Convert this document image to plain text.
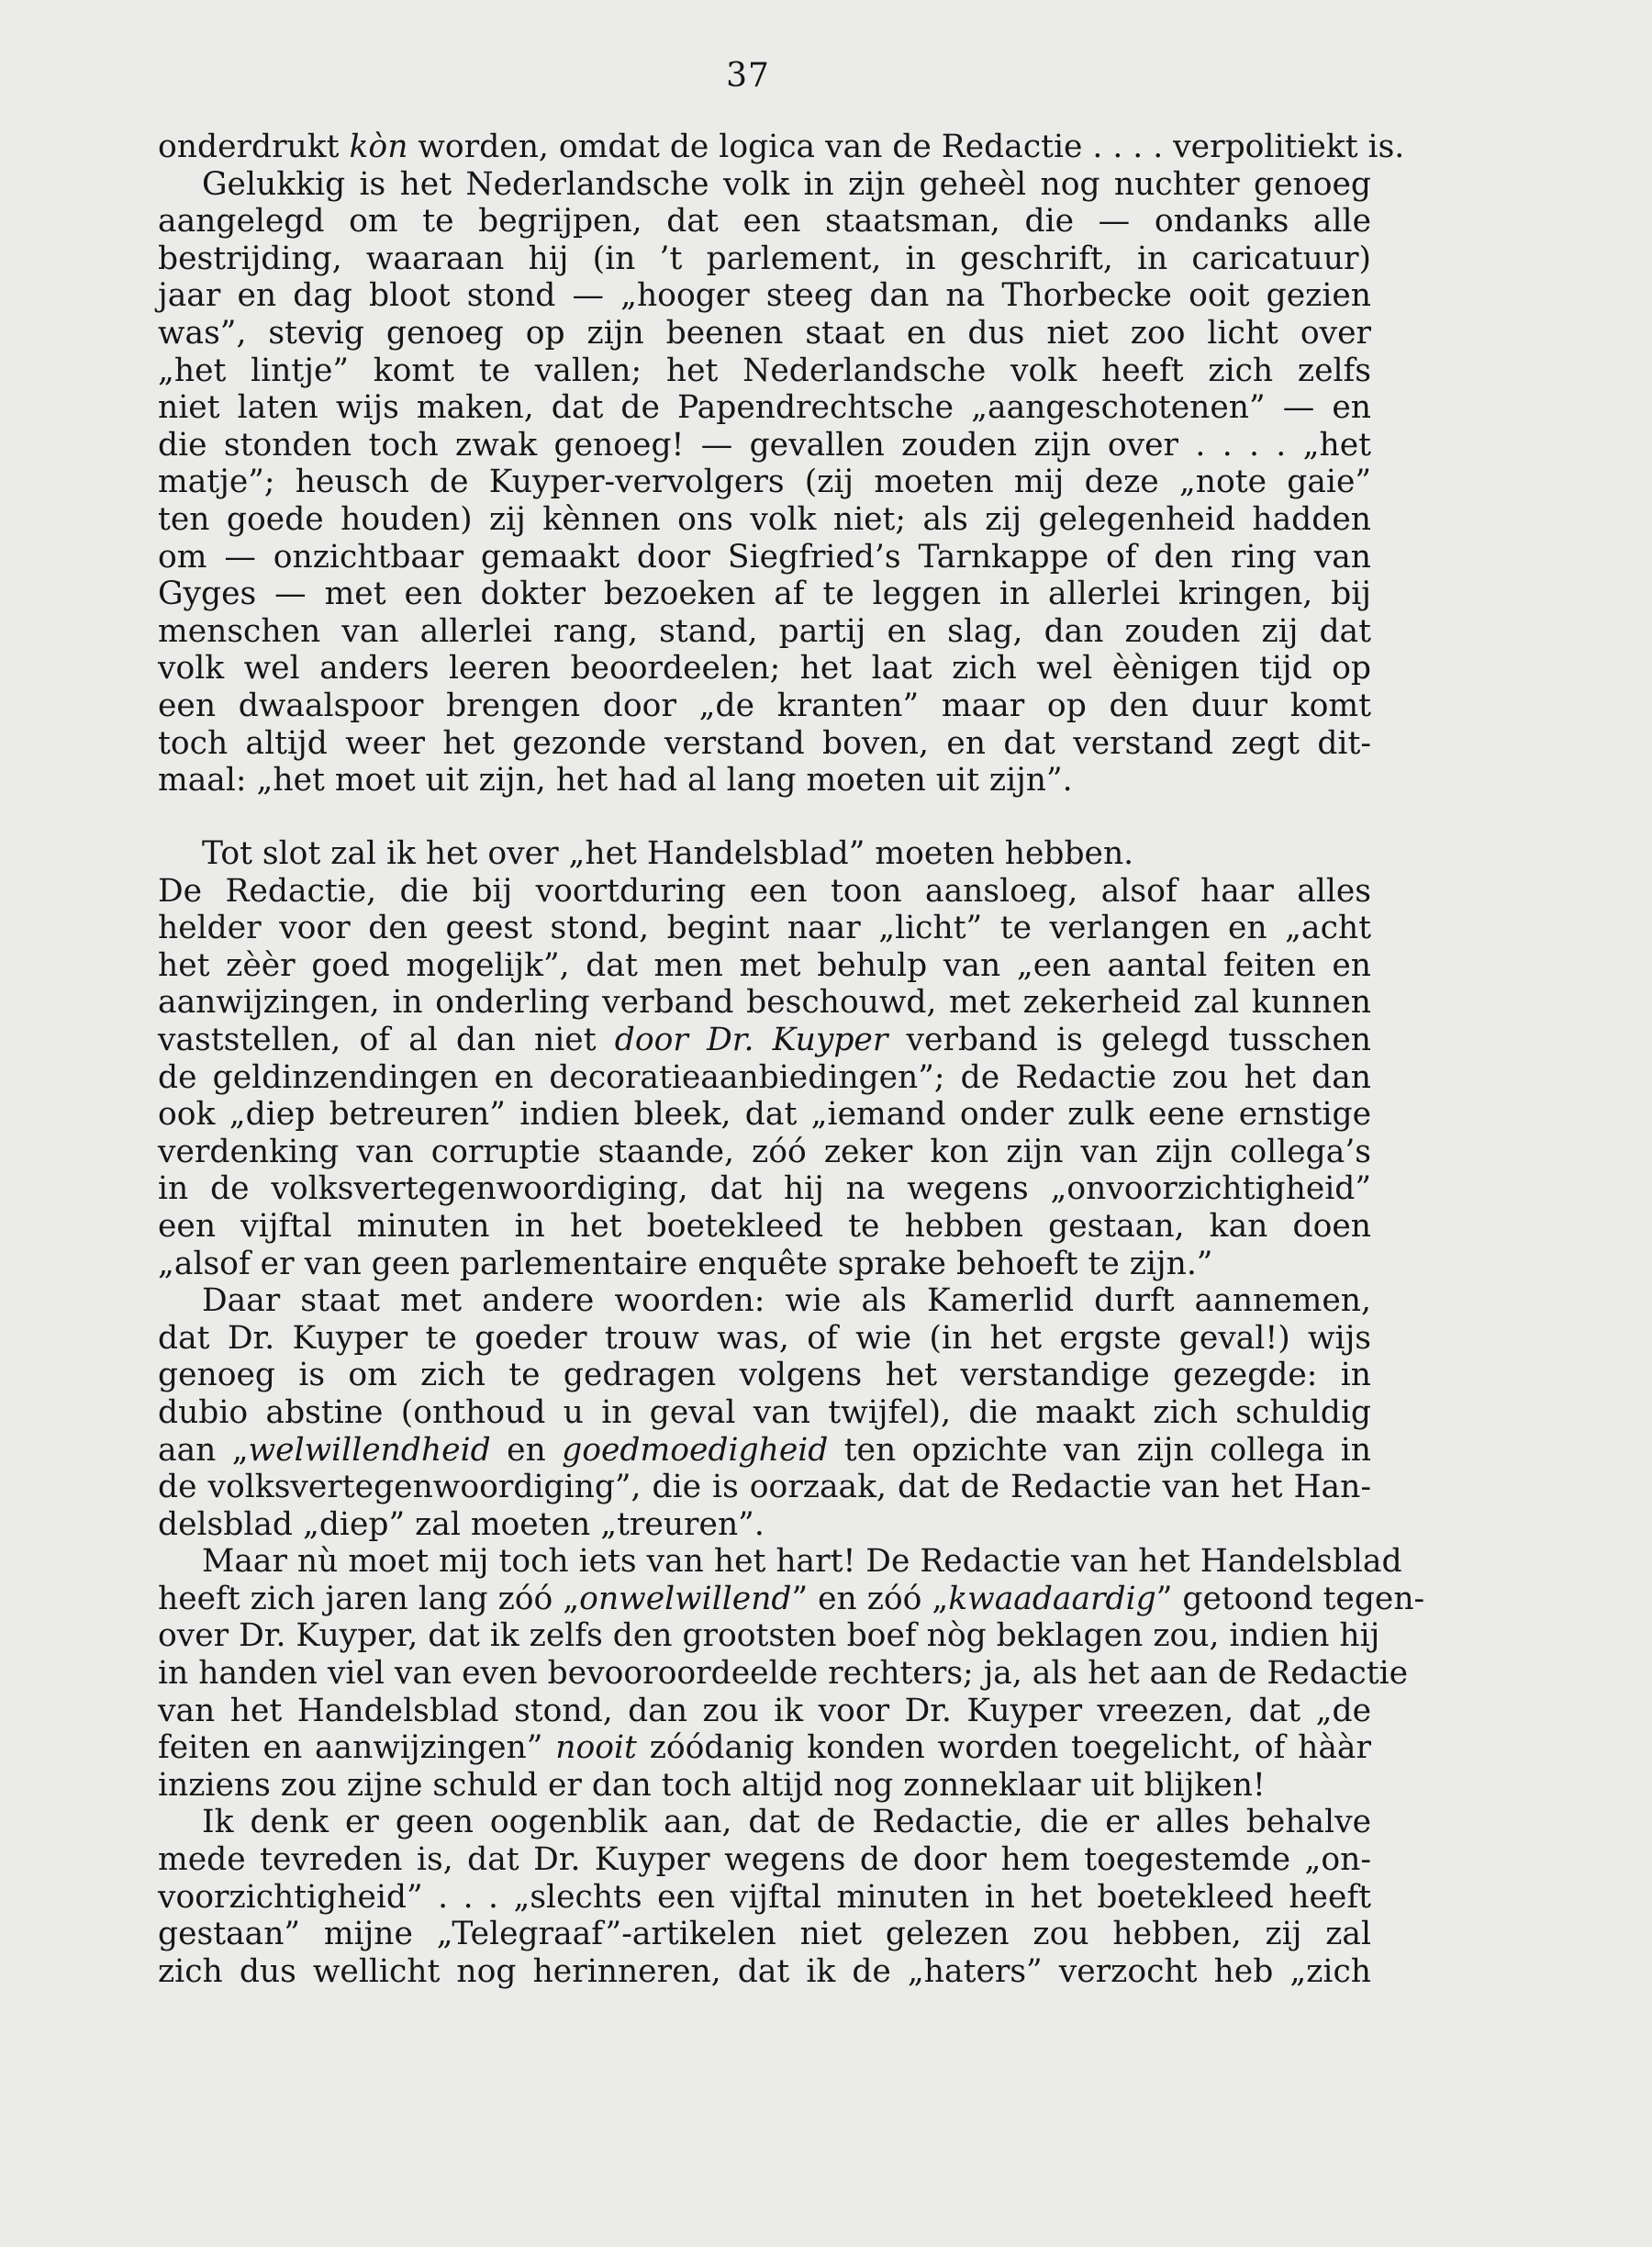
37
onderdrukt kòn worden, omdat de logica van de Redactie . . . . verpolitiekt is.
Gelukkig is het Nederlandsche volk in zijn geheèl nog nuchter genoeg
aangelegd om te begrijpen, dat een staatsman, die — ondanks alle
bestrijding, waaraan hij (in ’t parlement, in geschrift, in caricatuur)
jaar en dag bloot stond — „hooger steeg dan na Thorbecke ooit gezien
was”, stevig genoeg op zijn beenen staat en dus niet zoo licht over
„het lintje” komt te vallen; het Nederlandsche volk heeft zich zelfs
niet laten wijs maken, dat de Papendrechtsche „aangeschotenen” — en
die stonden toch zwak genoeg! — gevallen zouden zijn over . . . . „het
matje”; heusch de Kuyper-vervolgers (zij moeten mij deze „note gaie”
ten goede houden) zij kènnen ons volk niet; als zij gelegenheid hadden
om — onzichtbaar gemaakt door Siegfried’s Tarnkappe of den ring van
Gyges — met een dokter bezoeken af te leggen in allerlei kringen, bij
menschen van allerlei rang, stand, partij en slag, dan zouden zij dat
volk wel anders leeren beoordeelen; het laat zich wel èènigen tijd op
een dwaalspoor brengen door „de kranten” maar op den duur komt
toch altijd weer het gezonde verstand boven, en dat verstand zegt dit-
maal: „het moet uit zijn, het had al lang moeten uit zijn”.
Tot slot zal ik het over „het Handelsblad” moeten hebben.
De Redactie, die bij voortduring een toon aansloeg, alsof haar alles
helder voor den geest stond, begint naar „licht” te verlangen en „acht
het zèèr goed mogelijk”, dat men met behulp van „een aantal feiten en
aanwijzingen, in onderling verband beschouwd, met zekerheid zal kunnen
vaststellen, of al dan niet door Dr. Kuyper verband is gelegd tusschen
de geldinzendingen en decoratieaanbiedingen”; de Redactie zou het dan
ook „diep betreuren” indien bleek, dat „iemand onder zulk eene ernstige
verdenking van corruptie staande, zóó zeker kon zijn van zijn collega’s
in de volksvertegenwoordiging, dat hij na wegens „onvoorzichtigheid”
een vijftal minuten in het boetekleed te hebben gestaan, kan doen
„alsof er van geen parlementaire enquête sprake behoeft te zijn.”
Daar staat met andere woorden: wie als Kamerlid durft aannemen,
dat Dr. Kuyper te goeder trouw was, of wie (in het ergste geval!) wijs
genoeg is om zich te gedragen volgens het verstandige gezegde: in
dubio abstine (onthoud u in geval van twijfel), die maakt zich schuldig
aan „welwillendheid en goedmoedigheid ten opzichte van zijn collega in
de volksvertegenwoordiging”, die is oorzaak, dat de Redactie van het Han-
delsblad „diep” zal moeten „treuren”.
Maar nù moet mij toch iets van het hart! De Redactie van het Handelsblad
heeft zich jaren lang zóó „onwelwillend” en zóó „kwaadaardig” getoond tegen-
over Dr. Kuyper, dat ik zelfs den grootsten boef nòg beklagen zou, indien hij
in handen viel van even bevooroordeelde rechters; ja, als het aan de Redactie
van het Handelsblad stond, dan zou ik voor Dr. Kuyper vreezen, dat „de
feiten en aanwijzingen” nooit zóódanig konden worden toegelicht, of hààr
inziens zou zijne schuld er dan toch altijd nog zonneklaar uit blijken!
Ik denk er geen oogenblik aan, dat de Redactie, die er alles behalve
mede tevreden is, dat Dr. Kuyper wegens de door hem toegestemde „on-
voorzichtigheid” . . . „slechts een vijftal minuten in het boetekleed heeft
gestaan” mijne „Telegraaf”-artikelen niet gelezen zou hebben, zij zal
zich dus wellicht nog herinneren, dat ik de „haters” verzocht heb „zich
